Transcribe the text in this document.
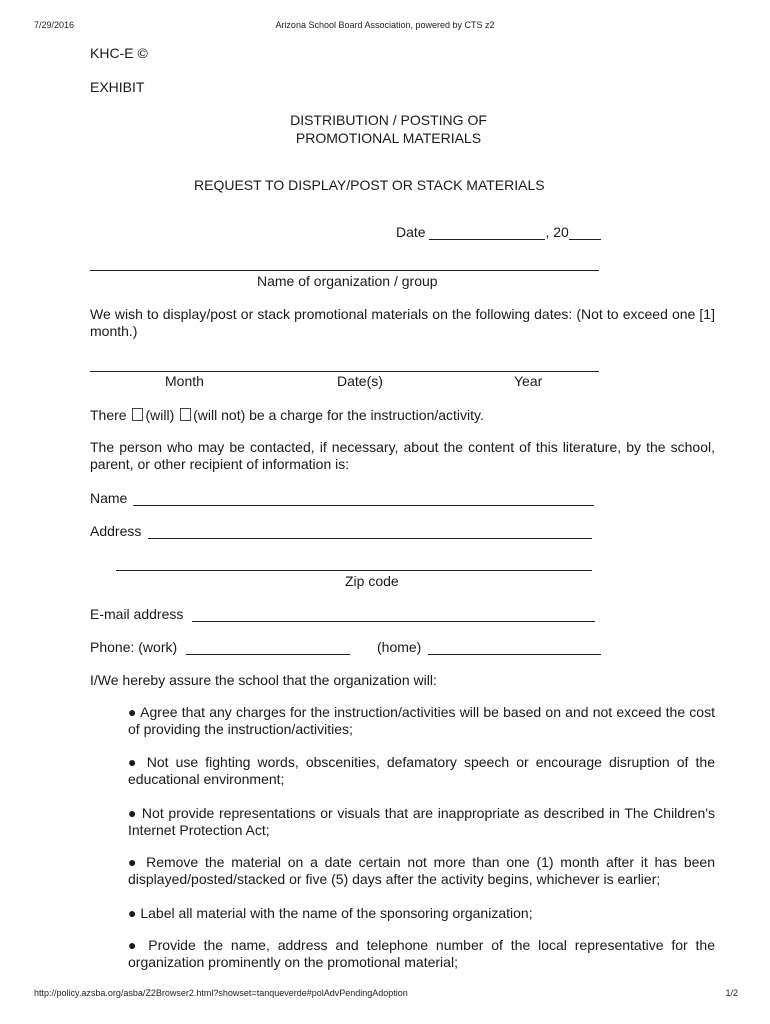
7/29/2016	Arizona School Board Association, powered by CTS z2
KHC-E ©
EXHIBIT
DISTRIBUTION / POSTING OF
PROMOTIONAL MATERIALS
REQUEST TO DISPLAY/POST OR STACK MATERIALS
Date	, 20
Name of organization / group
We wish to display/post or stack promotional materials on the following dates: (Not to exceed one [1] month.)
Month	Date(s)	Year
There (will) (will not) be a charge for the instruction/activity.
The person who may be contacted, if necessary, about the content of this literature, by the school, parent, or other recipient of information is:
Name
Address
Zip code
E-mail address
Phone: (work)	(home)
I/We hereby assure the school that the organization will:
● Agree that any charges for the instruction/activities will be based on and not exceed the cost of providing the instruction/activities;
● Not use fighting words, obscenities, defamatory speech or encourage disruption of the educational environment;
● Not provide representations or visuals that are inappropriate as described in The Children's Internet Protection Act;
● Remove the material on a date certain not more than one (1) month after it has been displayed/posted/stacked or five (5) days after the activity begins, whichever is earlier;
● Label all material with the name of the sponsoring organization;
● Provide the name, address and telephone number of the local representative for the organization prominently on the promotional material;
http://policy.azsba.org/asba/Z2Browser2.html?showset=tanqueverde#polAdvPendingAdoption	1/2
